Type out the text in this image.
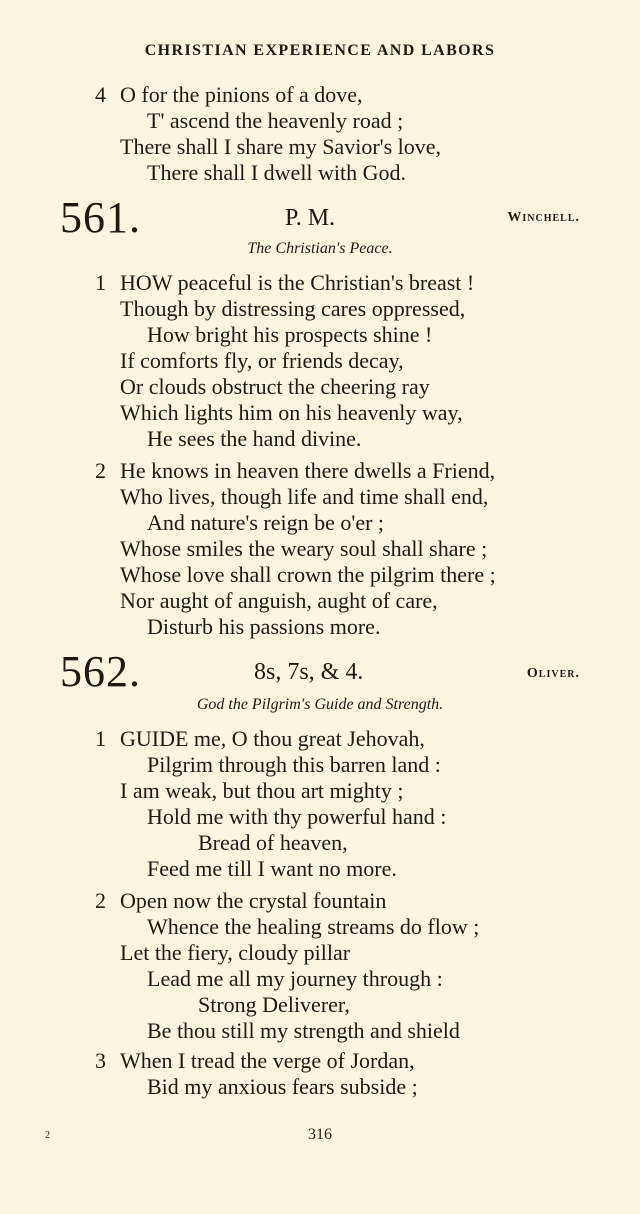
CHRISTIAN EXPERIENCE AND LABORS
4 O for the pinions of a dove,
T' ascend the heavenly road ;
There shall I share my Savior's love,
There shall I dwell with God.
561.	P. M.	Winchell.
The Christian's Peace.
1 HOW peaceful is the Christian's breast !
Though by distressing cares oppressed,
How bright his prospects shine !
If comforts fly, or friends decay,
Or clouds obstruct the cheering ray
Which lights him on his heavenly way,
He sees the hand divine.
2 He knows in heaven there dwells a Friend,
Who lives, though life and time shall end,
And nature's reign be o'er ;
Whose smiles the weary soul shall share ;
Whose love shall crown the pilgrim there ;
Nor aught of anguish, aught of care,
Disturb his passions more.
562.	8s, 7s, & 4.	Oliver.
God the Pilgrim's Guide and Strength.
1 GUIDE me, O thou great Jehovah,
Pilgrim through this barren land :
I am weak, but thou art mighty ;
Hold me with thy powerful hand :
Bread of heaven,
Feed me till I want no more.
2 Open now the crystal fountain
Whence the healing streams do flow ;
Let the fiery, cloudy pillar
Lead me all my journey through :
Strong Deliverer,
Be thou still my strength and shield
3 When I tread the verge of Jordan,
Bid my anxious fears subside ;
2	316
